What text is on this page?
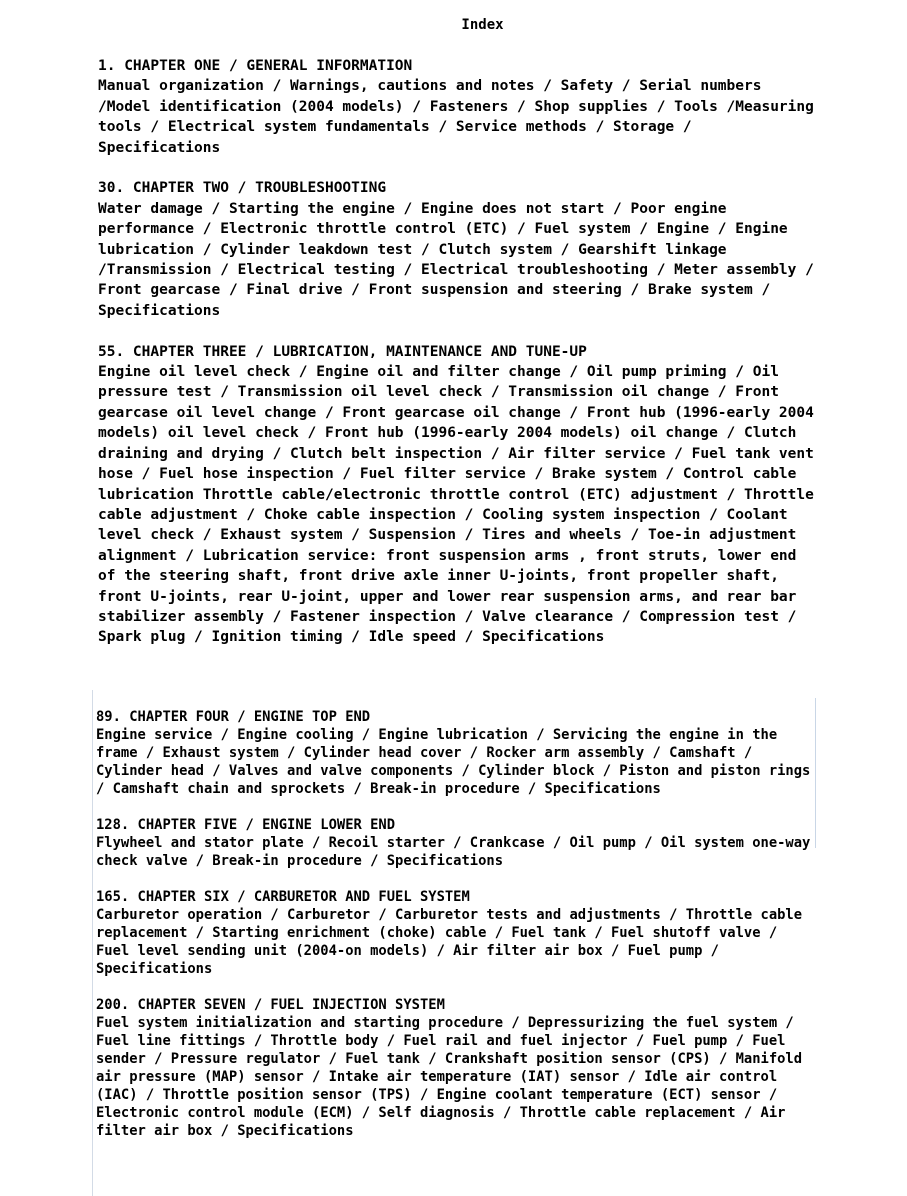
Index
1. CHAPTER ONE / GENERAL INFORMATION
Manual organization / Warnings, cautions and notes / Safety / Serial numbers /Model identification (2004 models) / Fasteners / Shop supplies / Tools /Measuring tools / Electrical system fundamentals / Service methods / Storage / Specifications
30. CHAPTER TWO / TROUBLESHOOTING
Water damage / Starting the engine / Engine does not start / Poor engine performance / Electronic throttle control (ETC) / Fuel system / Engine / Engine lubrication / Cylinder leakdown test / Clutch system / Gearshift linkage /Transmission / Electrical testing / Electrical troubleshooting / Meter assembly / Front gearcase / Final drive / Front suspension and steering / Brake system / Specifications
55. CHAPTER THREE / LUBRICATION, MAINTENANCE AND TUNE-UP
Engine oil level check / Engine oil and filter change / Oil pump priming / Oil pressure test / Transmission oil level check / Transmission oil change / Front gearcase oil level change / Front gearcase oil change / Front hub (1996-early 2004 models) oil level check / Front hub (1996-early 2004 models) oil change / Clutch draining and drying / Clutch belt inspection / Air filter service / Fuel tank vent hose / Fuel hose inspection / Fuel filter service / Brake system / Control cable lubrication Throttle cable/electronic throttle control (ETC) adjustment / Throttle cable adjustment / Choke cable inspection / Cooling system inspection / Coolant level check / Exhaust system / Suspension / Tires and wheels / Toe-in adjustment alignment / Lubrication service: front suspension arms , front struts, lower end of the steering shaft, front drive axle inner U-joints, front propeller shaft, front U-joints, rear U-joint, upper and lower rear suspension arms, and rear bar stabilizer assembly / Fastener inspection / Valve clearance / Compression test / Spark plug / Ignition timing / Idle speed / Specifications
89. CHAPTER FOUR / ENGINE TOP END
Engine service / Engine cooling / Engine lubrication / Servicing the engine in the frame / Exhaust system / Cylinder head cover / Rocker arm assembly / Camshaft / Cylinder head / Valves and valve components / Cylinder block / Piston and piston rings / Camshaft chain and sprockets / Break-in procedure / Specifications
128. CHAPTER FIVE / ENGINE LOWER END
Flywheel and stator plate / Recoil starter / Crankcase / Oil pump / Oil system one-way check valve / Break-in procedure / Specifications
165. CHAPTER SIX / CARBURETOR AND FUEL SYSTEM
Carburetor operation / Carburetor / Carburetor tests and adjustments / Throttle cable replacement / Starting enrichment (choke) cable / Fuel tank / Fuel shutoff valve / Fuel level sending unit (2004-on models) / Air filter air box / Fuel pump / Specifications
200. CHAPTER SEVEN / FUEL INJECTION SYSTEM
Fuel system initialization and starting procedure / Depressurizing the fuel system / Fuel line fittings / Throttle body / Fuel rail and fuel injector / Fuel pump / Fuel sender / Pressure regulator / Fuel tank / Crankshaft position sensor (CPS) / Manifold air pressure (MAP) sensor / Intake air temperature (IAT) sensor / Idle air control (IAC) / Throttle position sensor (TPS) / Engine coolant temperature (ECT) sensor / Electronic control module (ECM) / Self diagnosis / Throttle cable replacement / Air filter air box / Specifications
